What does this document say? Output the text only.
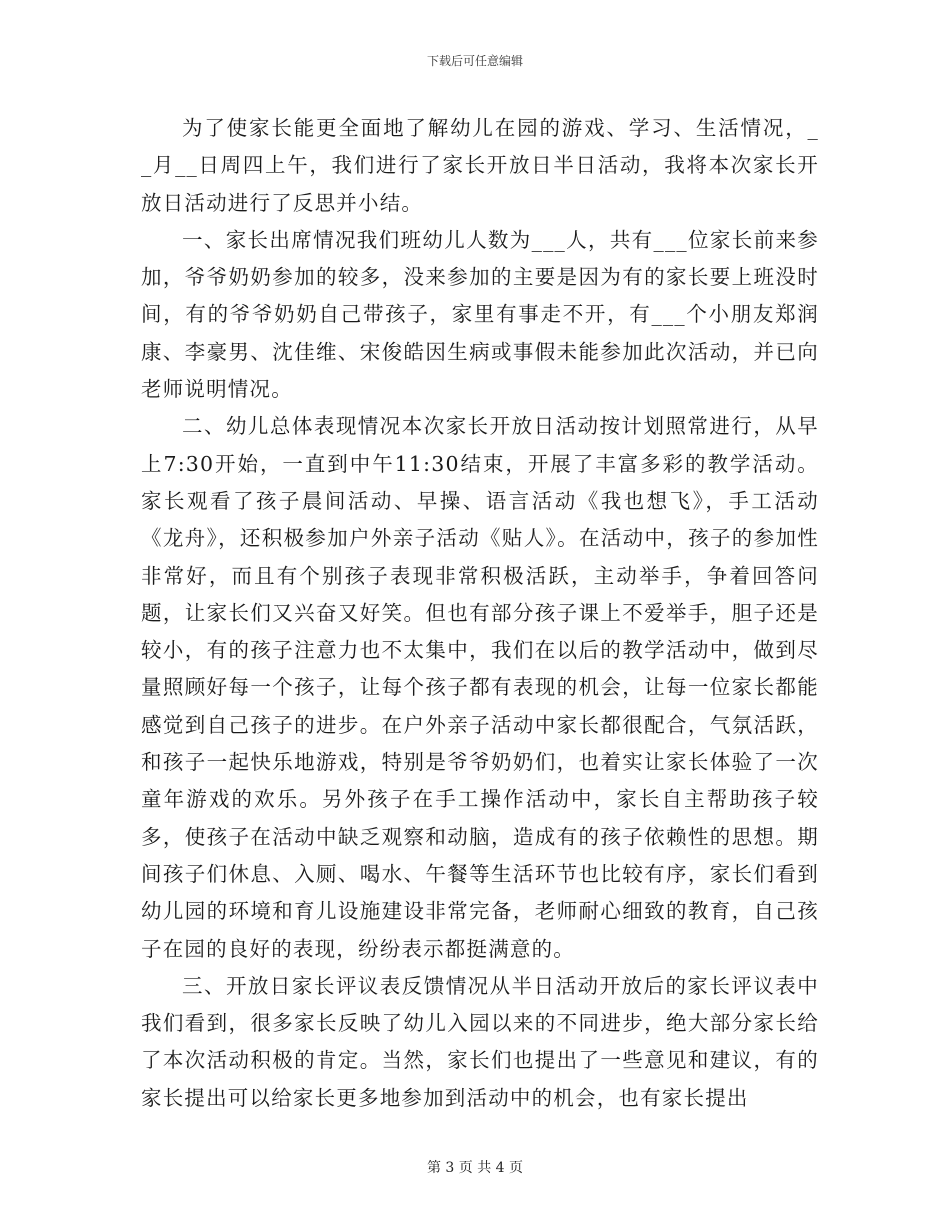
下载后可任意编辑

为了使家长能更全面地了解幼儿在园的游戏、学习、生活情况，_ _月__日周四上午，我们进行了家长开放日半日活动，我将本次家长开放日活动进行了反思并小结。

一、家长出席情况我们班幼儿人数为___人，共有___位家长前来参加，爷爷奶奶参加的较多，没来参加的主要是因为有的家长要上班没时间，有的爷爷奶奶自己带孩子，家里有事走不开，有___个小朋友郑润康、李豪男、沈佳维、宋俊皓因生病或事假未能参加此次活动，并已向老师说明情况。

二、幼儿总体表现情况本次家长开放日活动按计划照常进行，从早上7:30开始，一直到中午11:30结束，开展了丰富多彩的教学活动。家长观看了孩子晨间活动、早操、语言活动《我也想飞》，手工活动《龙舟》，还积极参加户外亲子活动《贴人》。在活动中，孩子的参加性非常好，而且有个别孩子表现非常积极活跃，主动举手，争着回答问题，让家长们又兴奋又好笑。但也有部分孩子课上不爱举手，胆子还是较小，有的孩子注意力也不太集中，我们在以后的教学活动中，做到尽量照顾好每一个孩子，让每个孩子都有表现的机会，让每一位家长都能感觉到自己孩子的进步。在户外亲子活动中家长都很配合，气氛活跃，和孩子一起快乐地游戏，特别是爷爷奶奶们，也着实让家长体验了一次童年游戏的欢乐。另外孩子在手工操作活动中，家长自主帮助孩子较多，使孩子在活动中缺乏观察和动脑，造成有的孩子依赖性的思想。期间孩子们休息、入厕、喝水、午餐等生活环节也比较有序，家长们看到幼儿园的环境和育儿设施建设非常完备，老师耐心细致的教育，自己孩子在园的良好的表现，纷纷表示都挺满意的。

三、开放日家长评议表反馈情况从半日活动开放后的家长评议表中我们看到，很多家长反映了幼儿入园以来的不同进步，绝大部分家长给了本次活动积极的肯定。当然，家长们也提出了一些意见和建议，有的家长提出可以给家长更多地参加到活动中的机会，也有家长提出

第 3 页 共 4 页
